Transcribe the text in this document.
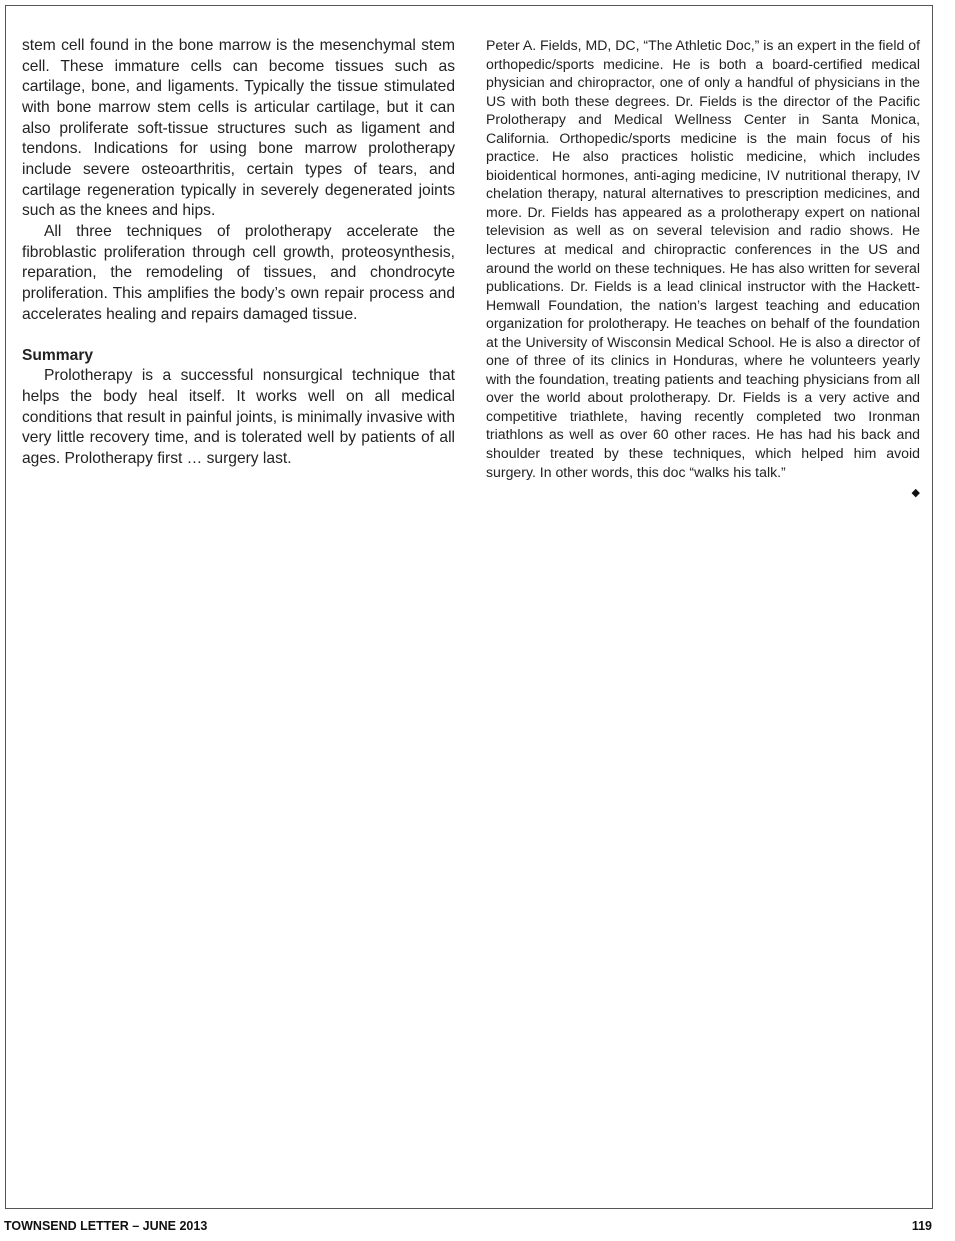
stem cell found in the bone marrow is the mesenchymal stem cell. These immature cells can become tissues such as cartilage, bone, and ligaments. Typically the tissue stimulated with bone marrow stem cells is articular cartilage, but it can also proliferate soft-tissue structures such as ligament and tendons. Indications for using bone marrow prolotherapy include severe osteoarthritis, certain types of tears, and cartilage regeneration typically in severely degenerated joints such as the knees and hips.

All three techniques of prolotherapy accelerate the fibroblastic proliferation through cell growth, proteosynthesis, reparation, the remodeling of tissues, and chondrocyte proliferation. This amplifies the body’s own repair process and accelerates healing and repairs damaged tissue.

Summary

Prolotherapy is a successful nonsurgical technique that helps the body heal itself. It works well on all medical conditions that result in painful joints, is minimally invasive with very little recovery time, and is tolerated well by patients of all ages. Prolotherapy first … surgery last.

Peter A. Fields, MD, DC, “The Athletic Doc,” is an expert in the field of orthopedic/sports medicine. He is both a board-certified medical physician and chiropractor, one of only a handful of physicians in the US with both these degrees. Dr. Fields is the director of the Pacific Prolotherapy and Medical Wellness Center in Santa Monica, California. Orthopedic/sports medicine is the main focus of his practice. He also practices holistic medicine, which includes bioidentical hormones, anti-aging medicine, IV nutritional therapy, IV chelation therapy, natural alternatives to prescription medicines, and more. Dr. Fields has appeared as a prolotherapy expert on national television as well as on several television and radio shows. He lectures at medical and chiropractic conferences in the US and around the world on these techniques. He has also written for several publications. Dr. Fields is a lead clinical instructor with the Hackett-Hemwall Foundation, the nation’s largest teaching and education organization for prolotherapy. He teaches on behalf of the foundation at the University of Wisconsin Medical School. He is also a director of one of three of its clinics in Honduras, where he volunteers yearly with the foundation, treating patients and teaching physicians from all over the world about prolotherapy. Dr. Fields is a very active and competitive triathlete, having recently completed two Ironman triathlons as well as over 60 other races. He has had his back and shoulder treated by these techniques, which helped him avoid surgery. In other words, this doc “walks his talk.”

◆
TOWNSEND LETTER – JUNE 2013	119
